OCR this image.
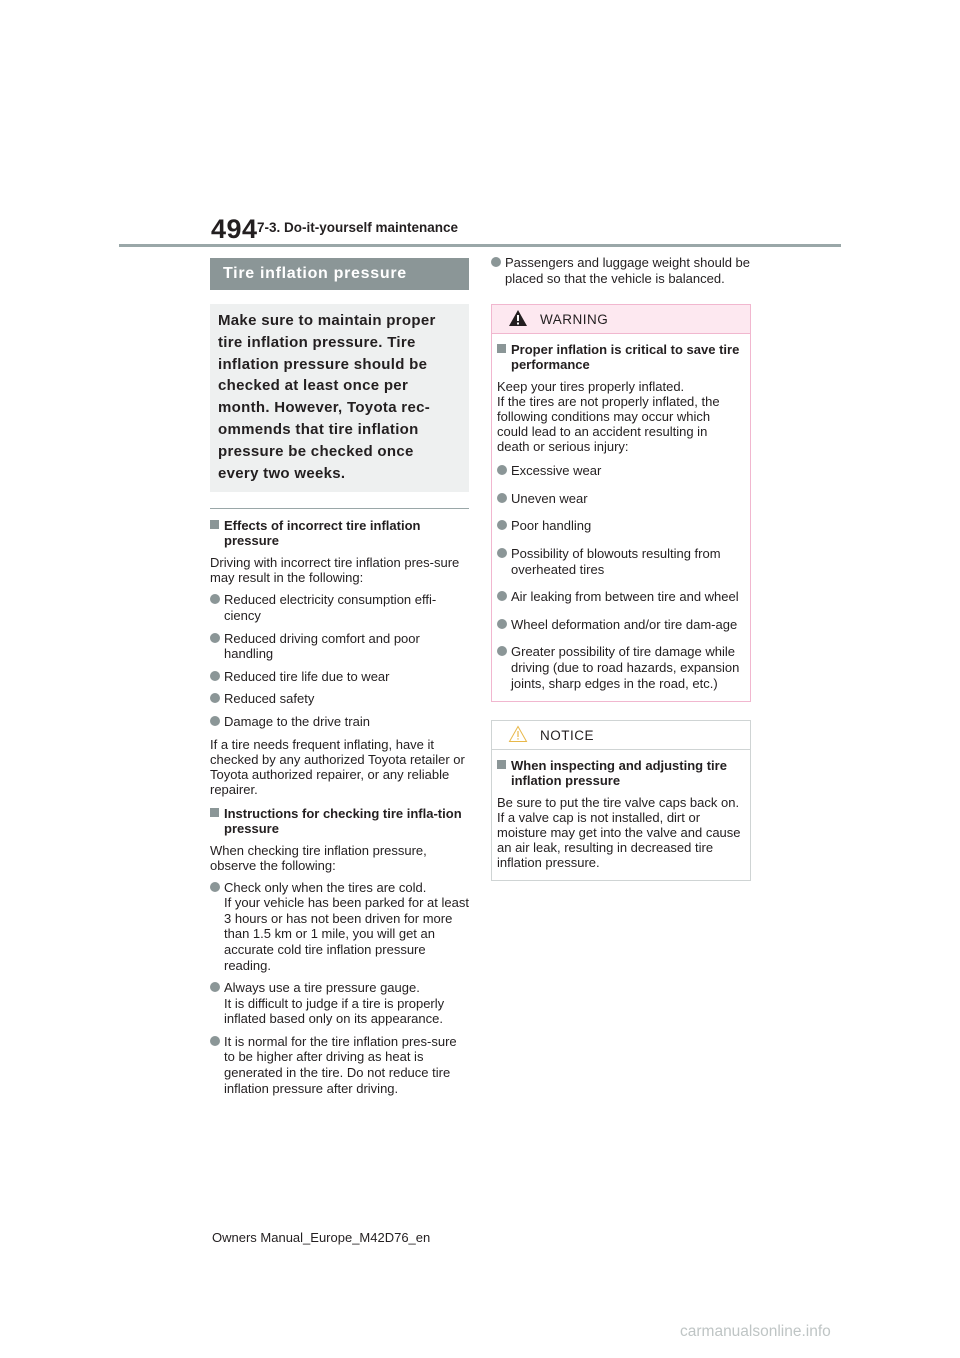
494 7-3. Do-it-yourself maintenance
Tire inflation pressure
Make sure to maintain proper tire inflation pressure. Tire inflation pressure should be checked at least once per month. However, Toyota rec-ommends that tire inflation pressure be checked once every two weeks.
Effects of incorrect tire inflation pressure
Driving with incorrect tire inflation pres-sure may result in the following:
Reduced electricity consumption effi-ciency
Reduced driving comfort and poor handling
Reduced tire life due to wear
Reduced safety
Damage to the drive train
If a tire needs frequent inflating, have it checked by any authorized Toyota retailer or Toyota authorized repairer, or any reliable repairer.
Instructions for checking tire infla-tion pressure
When checking tire inflation pressure, observe the following:
Check only when the tires are cold.
If your vehicle has been parked for at least 3 hours or has not been driven for more than 1.5 km or 1 mile, you will get an accurate cold tire inflation pressure reading.
Always use a tire pressure gauge.
It is difficult to judge if a tire is properly inflated based only on its appearance.
It is normal for the tire inflation pres-sure to be higher after driving as heat is generated in the tire. Do not reduce tire inflation pressure after driving.
Passengers and luggage weight should be placed so that the vehicle is balanced.
WARNING
Proper inflation is critical to save tire performance
Keep your tires properly inflated.
If the tires are not properly inflated, the following conditions may occur which could lead to an accident resulting in death or serious injury:
Excessive wear
Uneven wear
Poor handling
Possibility of blowouts resulting from overheated tires
Air leaking from between tire and wheel
Wheel deformation and/or tire dam-age
Greater possibility of tire damage while driving (due to road hazards, expansion joints, sharp edges in the road, etc.)
NOTICE
When inspecting and adjusting tire inflation pressure
Be sure to put the tire valve caps back on.
If a valve cap is not installed, dirt or moisture may get into the valve and cause an air leak, resulting in decreased tire inflation pressure.
Owners Manual_Europe_M42D76_en
carmanualsonline.info
